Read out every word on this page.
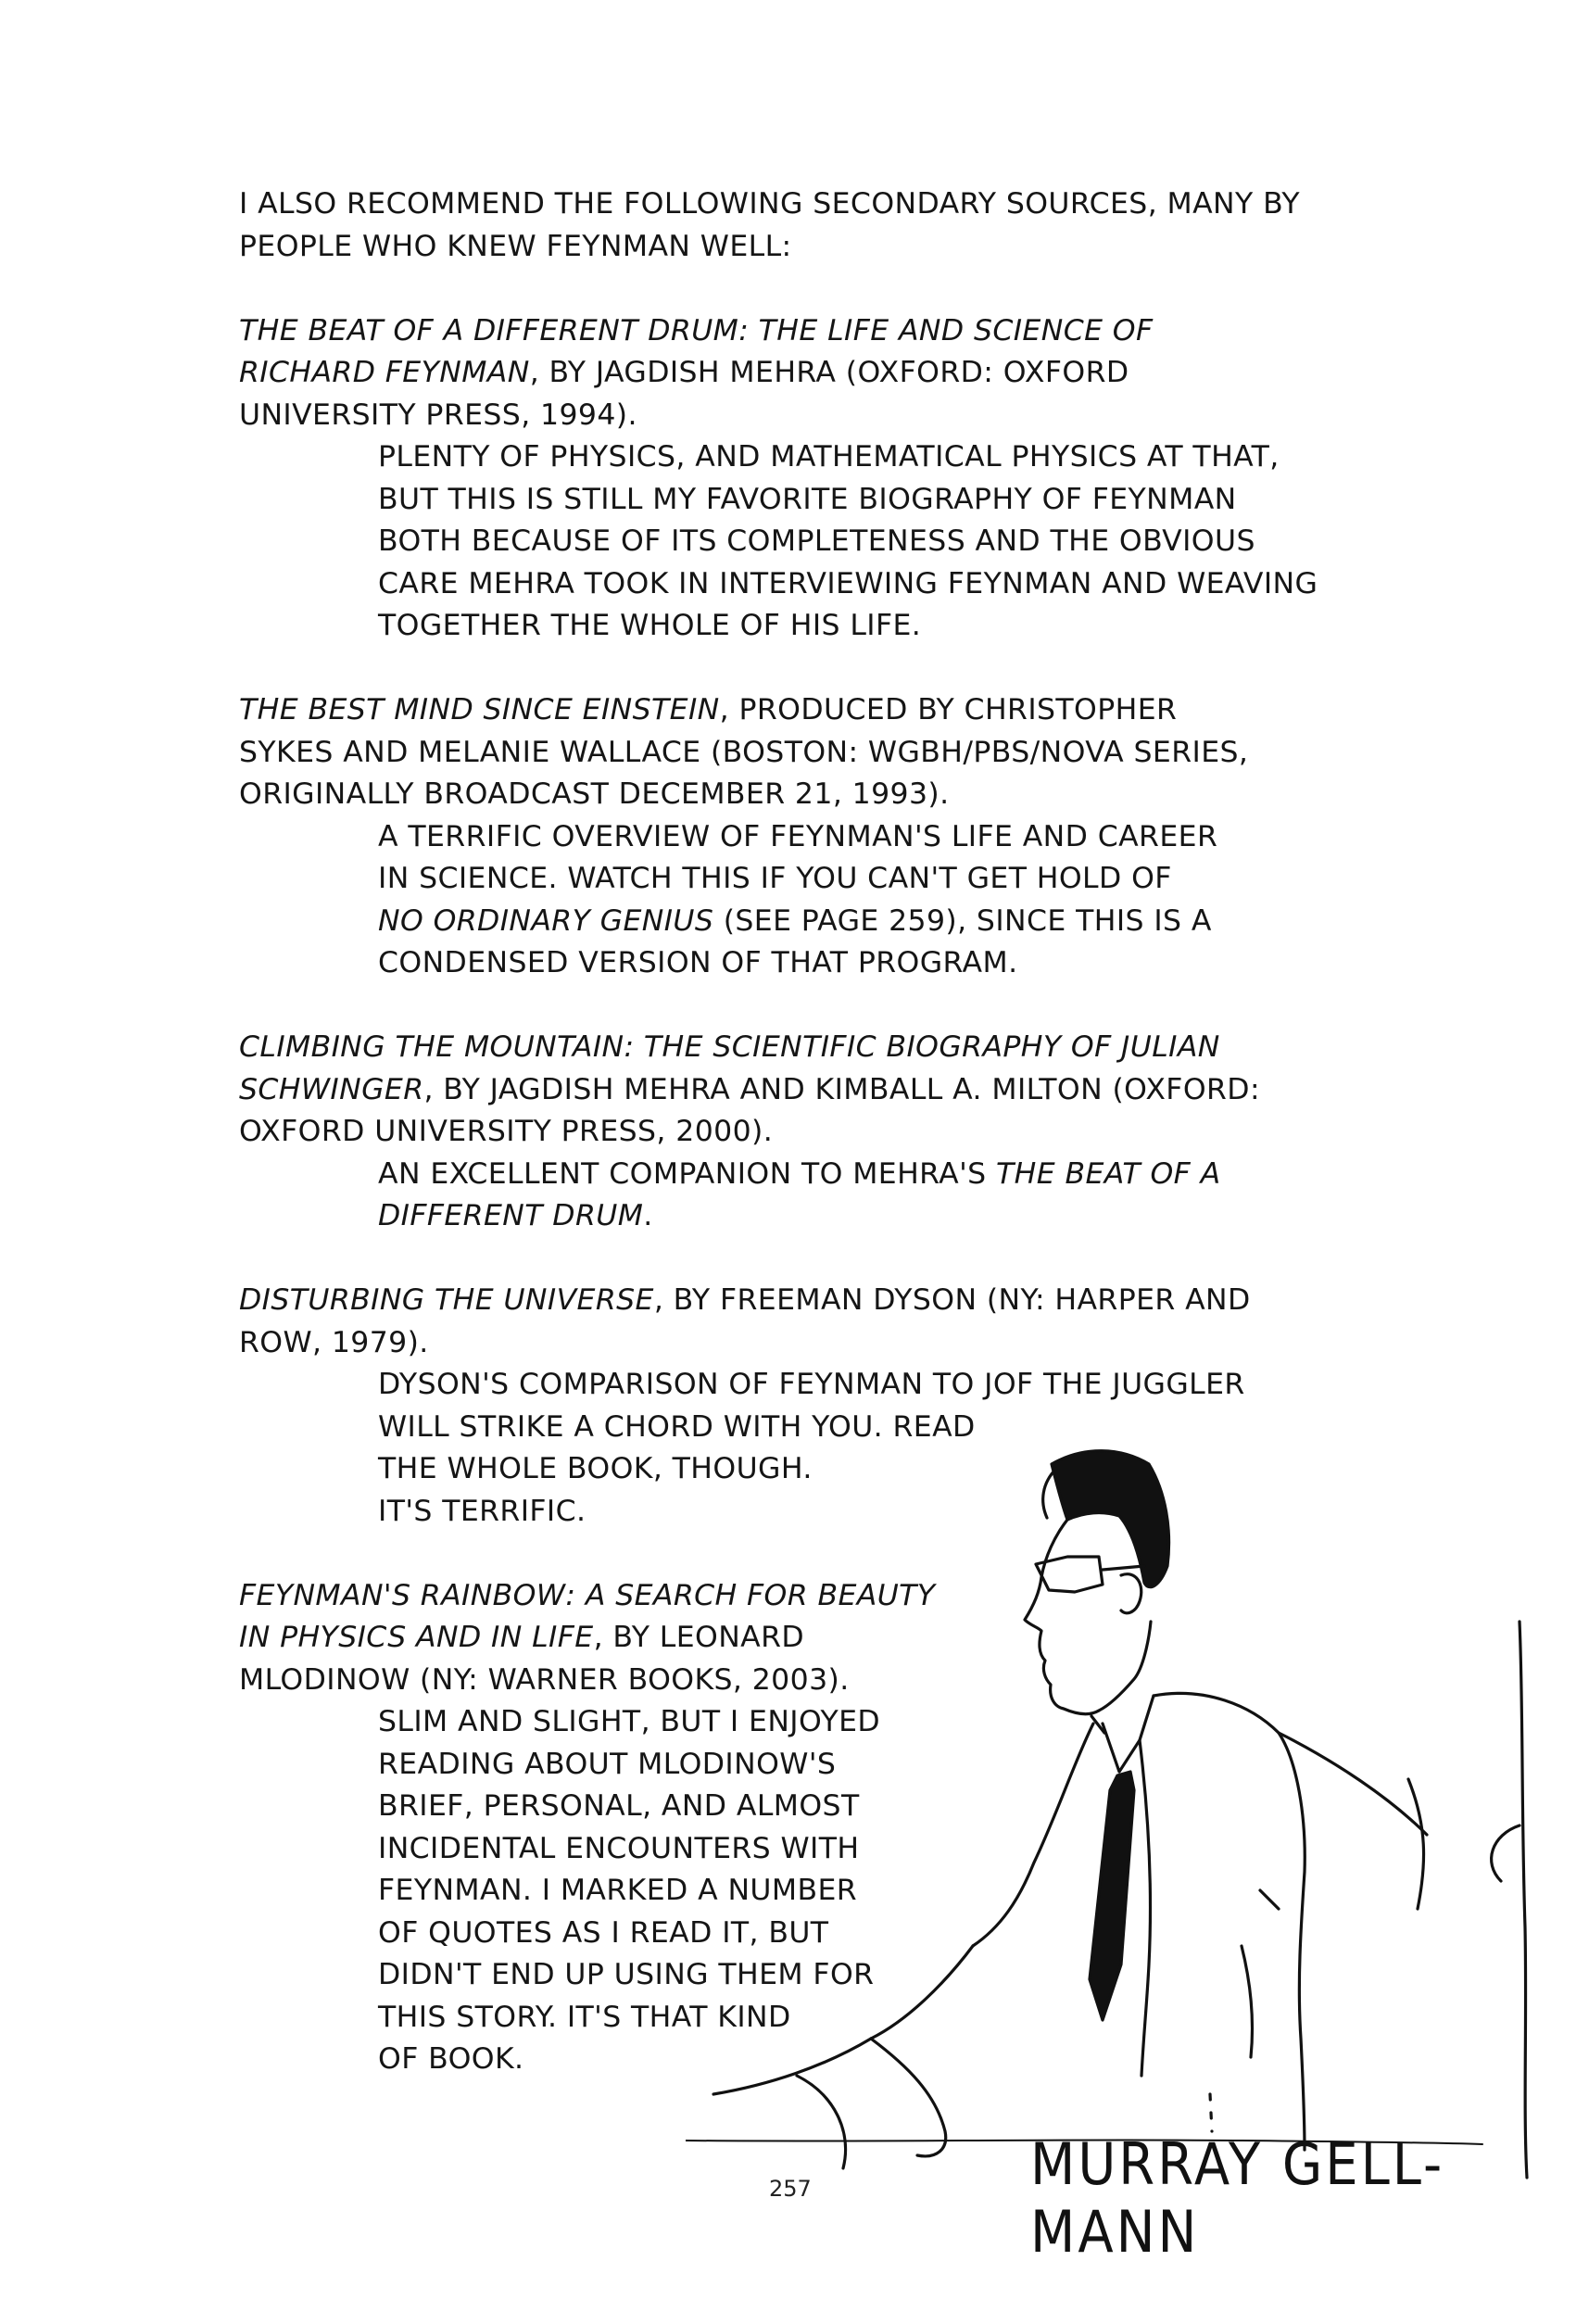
I ALSO RECOMMEND THE FOLLOWING SECONDARY SOURCES, MANY BY
PEOPLE WHO KNEW FEYNMAN WELL:
THE BEAT OF A DIFFERENT DRUM: THE LIFE AND SCIENCE OF
RICHARD FEYNMAN, BY JAGDISH MEHRA (OXFORD: OXFORD
UNIVERSITY PRESS, 1994).
PLENTY OF PHYSICS, AND MATHEMATICAL PHYSICS AT THAT,
BUT THIS IS STILL MY FAVORITE BIOGRAPHY OF FEYNMAN
BOTH BECAUSE OF ITS COMPLETENESS AND THE OBVIOUS
CARE MEHRA TOOK IN INTERVIEWING FEYNMAN AND WEAVING
TOGETHER THE WHOLE OF HIS LIFE.
THE BEST MIND SINCE EINSTEIN, PRODUCED BY CHRISTOPHER
SYKES AND MELANIE WALLACE (BOSTON: WGBH/PBS/NOVA SERIES,
ORIGINALLY BROADCAST DECEMBER 21, 1993).
A TERRIFIC OVERVIEW OF FEYNMAN'S LIFE AND CAREER
IN SCIENCE. WATCH THIS IF YOU CAN'T GET HOLD OF
NO ORDINARY GENIUS (SEE PAGE 259), SINCE THIS IS A
CONDENSED VERSION OF THAT PROGRAM.
CLIMBING THE MOUNTAIN: THE SCIENTIFIC BIOGRAPHY OF JULIAN
SCHWINGER, BY JAGDISH MEHRA AND KIMBALL A. MILTON (OXFORD:
OXFORD UNIVERSITY PRESS, 2000).
AN EXCELLENT COMPANION TO MEHRA'S THE BEAT OF A
DIFFERENT DRUM.
DISTURBING THE UNIVERSE, BY FREEMAN DYSON (NY: HARPER AND
ROW, 1979).
DYSON'S COMPARISON OF FEYNMAN TO JOF THE JUGGLER
WILL STRIKE A CHORD WITH YOU. READ
THE WHOLE BOOK, THOUGH.
IT'S TERRIFIC.
FEYNMAN'S RAINBOW: A SEARCH FOR BEAUTY
IN PHYSICS AND IN LIFE, BY LEONARD
MLODINOW (NY: WARNER BOOKS, 2003).
SLIM AND SLIGHT, BUT I ENJOYED
READING ABOUT MLODINOW'S
BRIEF, PERSONAL, AND ALMOST
INCIDENTAL ENCOUNTERS WITH
FEYNMAN. I MARKED A NUMBER
OF QUOTES AS I READ IT, BUT
DIDN'T END UP USING THEM FOR
THIS STORY. IT'S THAT KIND
OF BOOK.
MURRAY GELL-MANN
257
